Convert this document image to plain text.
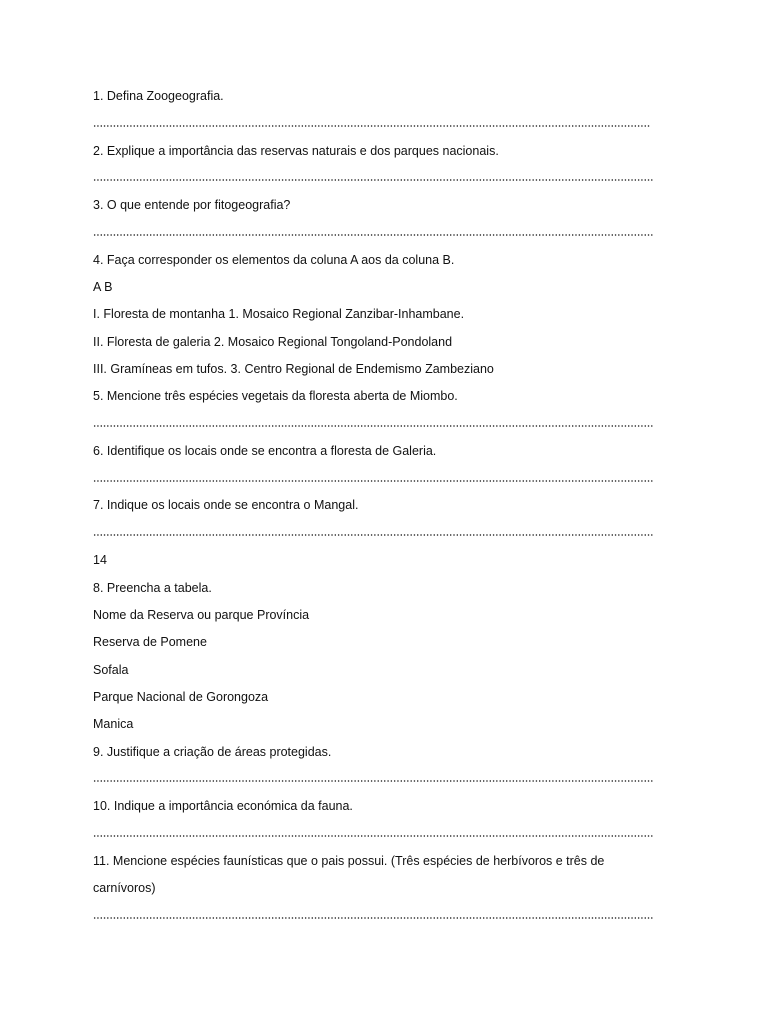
1. Defina Zoogeografia.
2. Explique a importância das reservas naturais e dos parques nacionais.
3. O que entende por fitogeografia?
4. Faça corresponder os elementos da coluna A aos da coluna B.
A B
I. Floresta de montanha 1. Mosaico Regional Zanzibar-Inhambane.
II. Floresta de galeria 2. Mosaico Regional Tongoland-Pondoland
III. Gramíneas em tufos. 3. Centro Regional de Endemismo Zambeziano
5. Mencione três espécies vegetais da floresta aberta de Miombo.
6. Identifique os locais onde se encontra a floresta de Galeria.
7. Indique os locais onde se encontra o Mangal.
14
8. Preencha a tabela.
Nome da Reserva ou parque Província
Reserva de Pomene
Sofala
Parque Nacional de Gorongoza
Manica
9. Justifique a criação de áreas protegidas.
10. Indique a importância económica da fauna.
11. Mencione espécies faunísticas que o pais possui. (Três espécies de herbívoros e três de
carnívoros)
